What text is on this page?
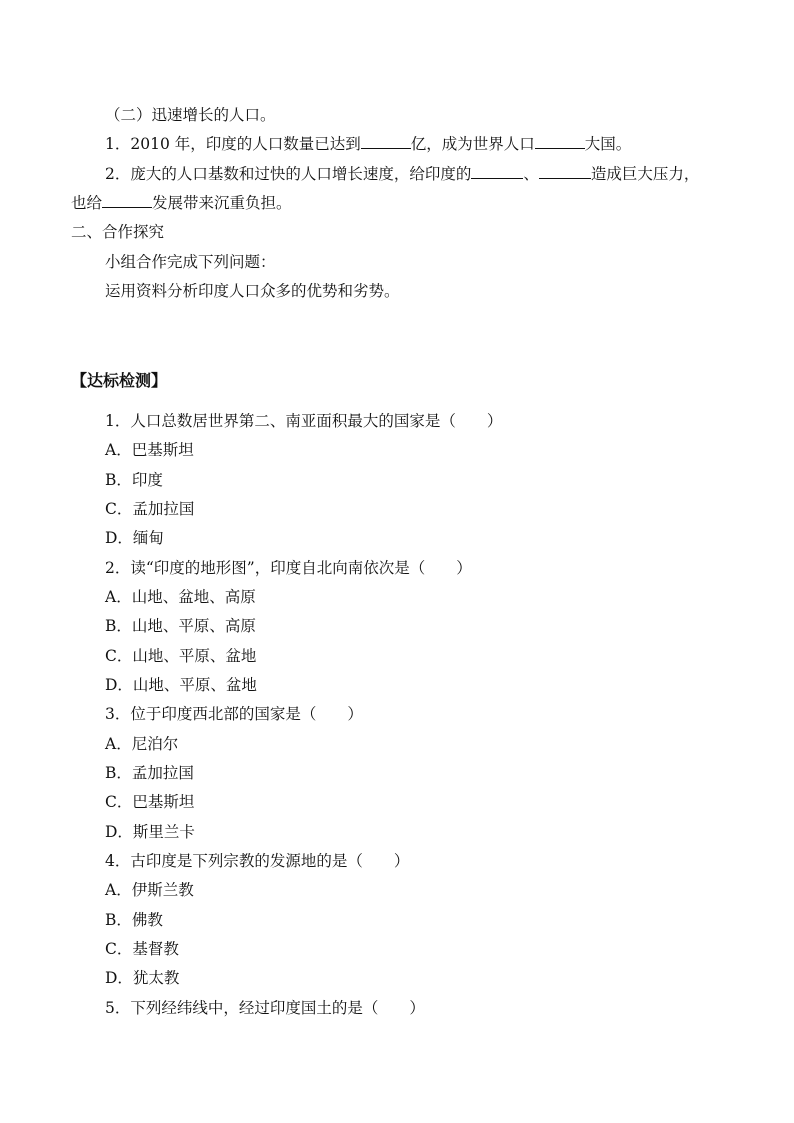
（二）迅速增长的人口。
1．2010 年，印度的人口数量已达到	亿，成为世界人口	大国。
2．庞大的人口基数和过快的人口增长速度，给印度的	、	造成巨大压力，
也给	发展带来沉重负担。
二、合作探究
小组合作完成下列问题：
运用资料分析印度人口众多的优势和劣势。
【达标检测】
1．人口总数居世界第二、南亚面积最大的国家是（　　）
A．巴基斯坦
B．印度
C．孟加拉国
D．缅甸
2．读“印度的地形图”，印度自北向南依次是（　　）
A．山地、盆地、高原
B．山地、平原、高原
C．山地、平原、盆地
D．山地、平原、盆地
3．位于印度西北部的国家是（　　）
A．尼泊尔
B．孟加拉国
C．巴基斯坦
D．斯里兰卡
4．古印度是下列宗教的发源地的是（　　）
A．伊斯兰教
B．佛教
C．基督教
D．犹太教
5．下列经纬线中，经过印度国土的是（　　）
